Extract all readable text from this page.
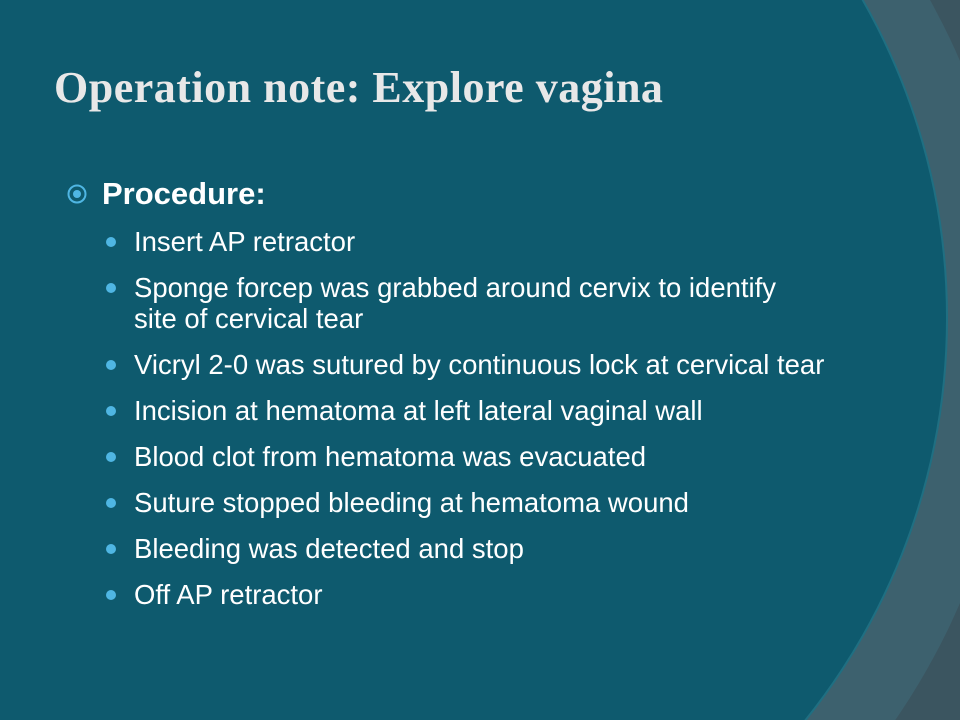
Operation note: Explore vagina
Procedure:
Insert AP retractor
Sponge forcep was grabbed around cervix to identify site of cervical tear
Vicryl 2-0 was sutured by continuous lock at cervical tear
Incision at hematoma at left lateral vaginal wall
Blood clot from hematoma was evacuated
Suture stopped bleeding at hematoma wound
Bleeding was detected and stop
Off AP retractor
